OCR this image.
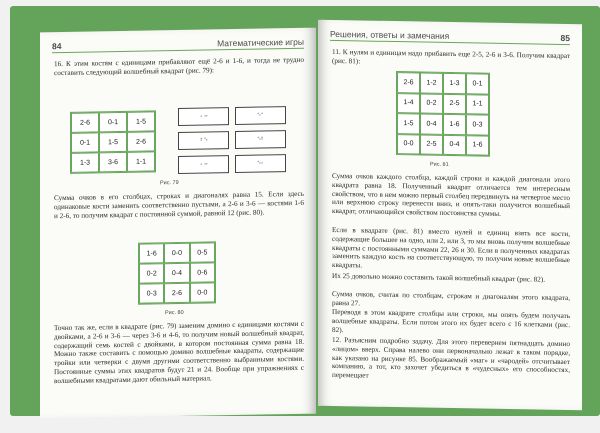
84	Математические игры

16. К этим костям с единицами прибавляют ещё 2-6 и 1-6, и тогда не трудно составить следующий волшебный квадрат (рис. 79):

2-6	0-1	1-5
0-1	1-5	2-6
1-3	3-6	1-1
⠂ ⠒	⠑ ⠁
⠃ ⠑	⠑ ⠃
⠂ ⠒	⠑ ⠂
Рис. 79

Сумма очков в его столбцах, строках и диагоналях равна 15. Если здесь одинаковые кости заменить соответственно пустыми, а 2-6 и 3-6 — костями 1-6 и 2-6, то получим квадрат с постоянной суммой, равной 12 (рис. 80).

1-6	0-0	0-5
0-2	0-4	0-6
0-3	2-6	0-0
Рис. 80

Точно так же, если в квадрате (рис. 79) заменим домино с единицами костями с двойками, а 2-6 и 3-6 — через 3-6 и 4-6, то получим новый волшебный квадрат, содержащий семь костей с двойками, в котором постоянная сумма равна 18. Можно также составить с помощью домино волшебные квадраты, содержащие тройки или четверки с двумя другими соответственно выбранными костями. Постоянные суммы этих квадратов будут 21 и 24. Вообще при упражнениях с волшебными квадратами дают обильный материал.

Решения, ответы и замечания	85

11. К нулям и единицам надо прибавить еще 2-5, 2-6 и 3-6. Получим квадрат (рис. 81):

2-6	1-2	1-3	0-1
1-4	0-2	2-5	1-1
1-5	0-4	1-6	0-3
0-0	2-5	0-4	1-6
Рис. 81

Сумма очков каждого столбца, каждой строки и каждой диагонали этого квадрата равна 18. Полученный квадрат отличается тем интересным свойством, что в нем можно первый столбец передвинуть на четвертое место или верхнюю строку перенести вниз, и опять-таки получится волшебный квадрат, отличающийся свойством постоянства суммы.

Если в квадрате (рис. 81) вместо нулей и единиц взять все кости, содержащие большее на одно, или 2, или 3, то мы вновь получим волшебные квадраты с постоянными суммами 22, 26 и 30. Если в полученных квадратах заменить каждую кость на соответствующую, то получим новые волшебные квадраты.

Их 25 довольно можно составить такой волшебный квадрат (рис. 82).

Сумма очков, считая по столбцам, строкам и диагоналям этого квадрата, равна 27.

Переводя в этом квадрате столбцы или строки, мы опять будем получать волшебные квадраты. Если потом этого их будет всего с 16 клетками (рис. 82).

12. Разъясним подробно задачу. Для этого перевернем пятнадцать домино «лицом» вверх. Справа налево они первоначально лежат в таком порядке, как указано на рисунке 85. Воображаемый «маг» и «чародей» отсчитывает компанию, а тот, кто захочет убедиться в «чудесных» его способностях, перемещает
